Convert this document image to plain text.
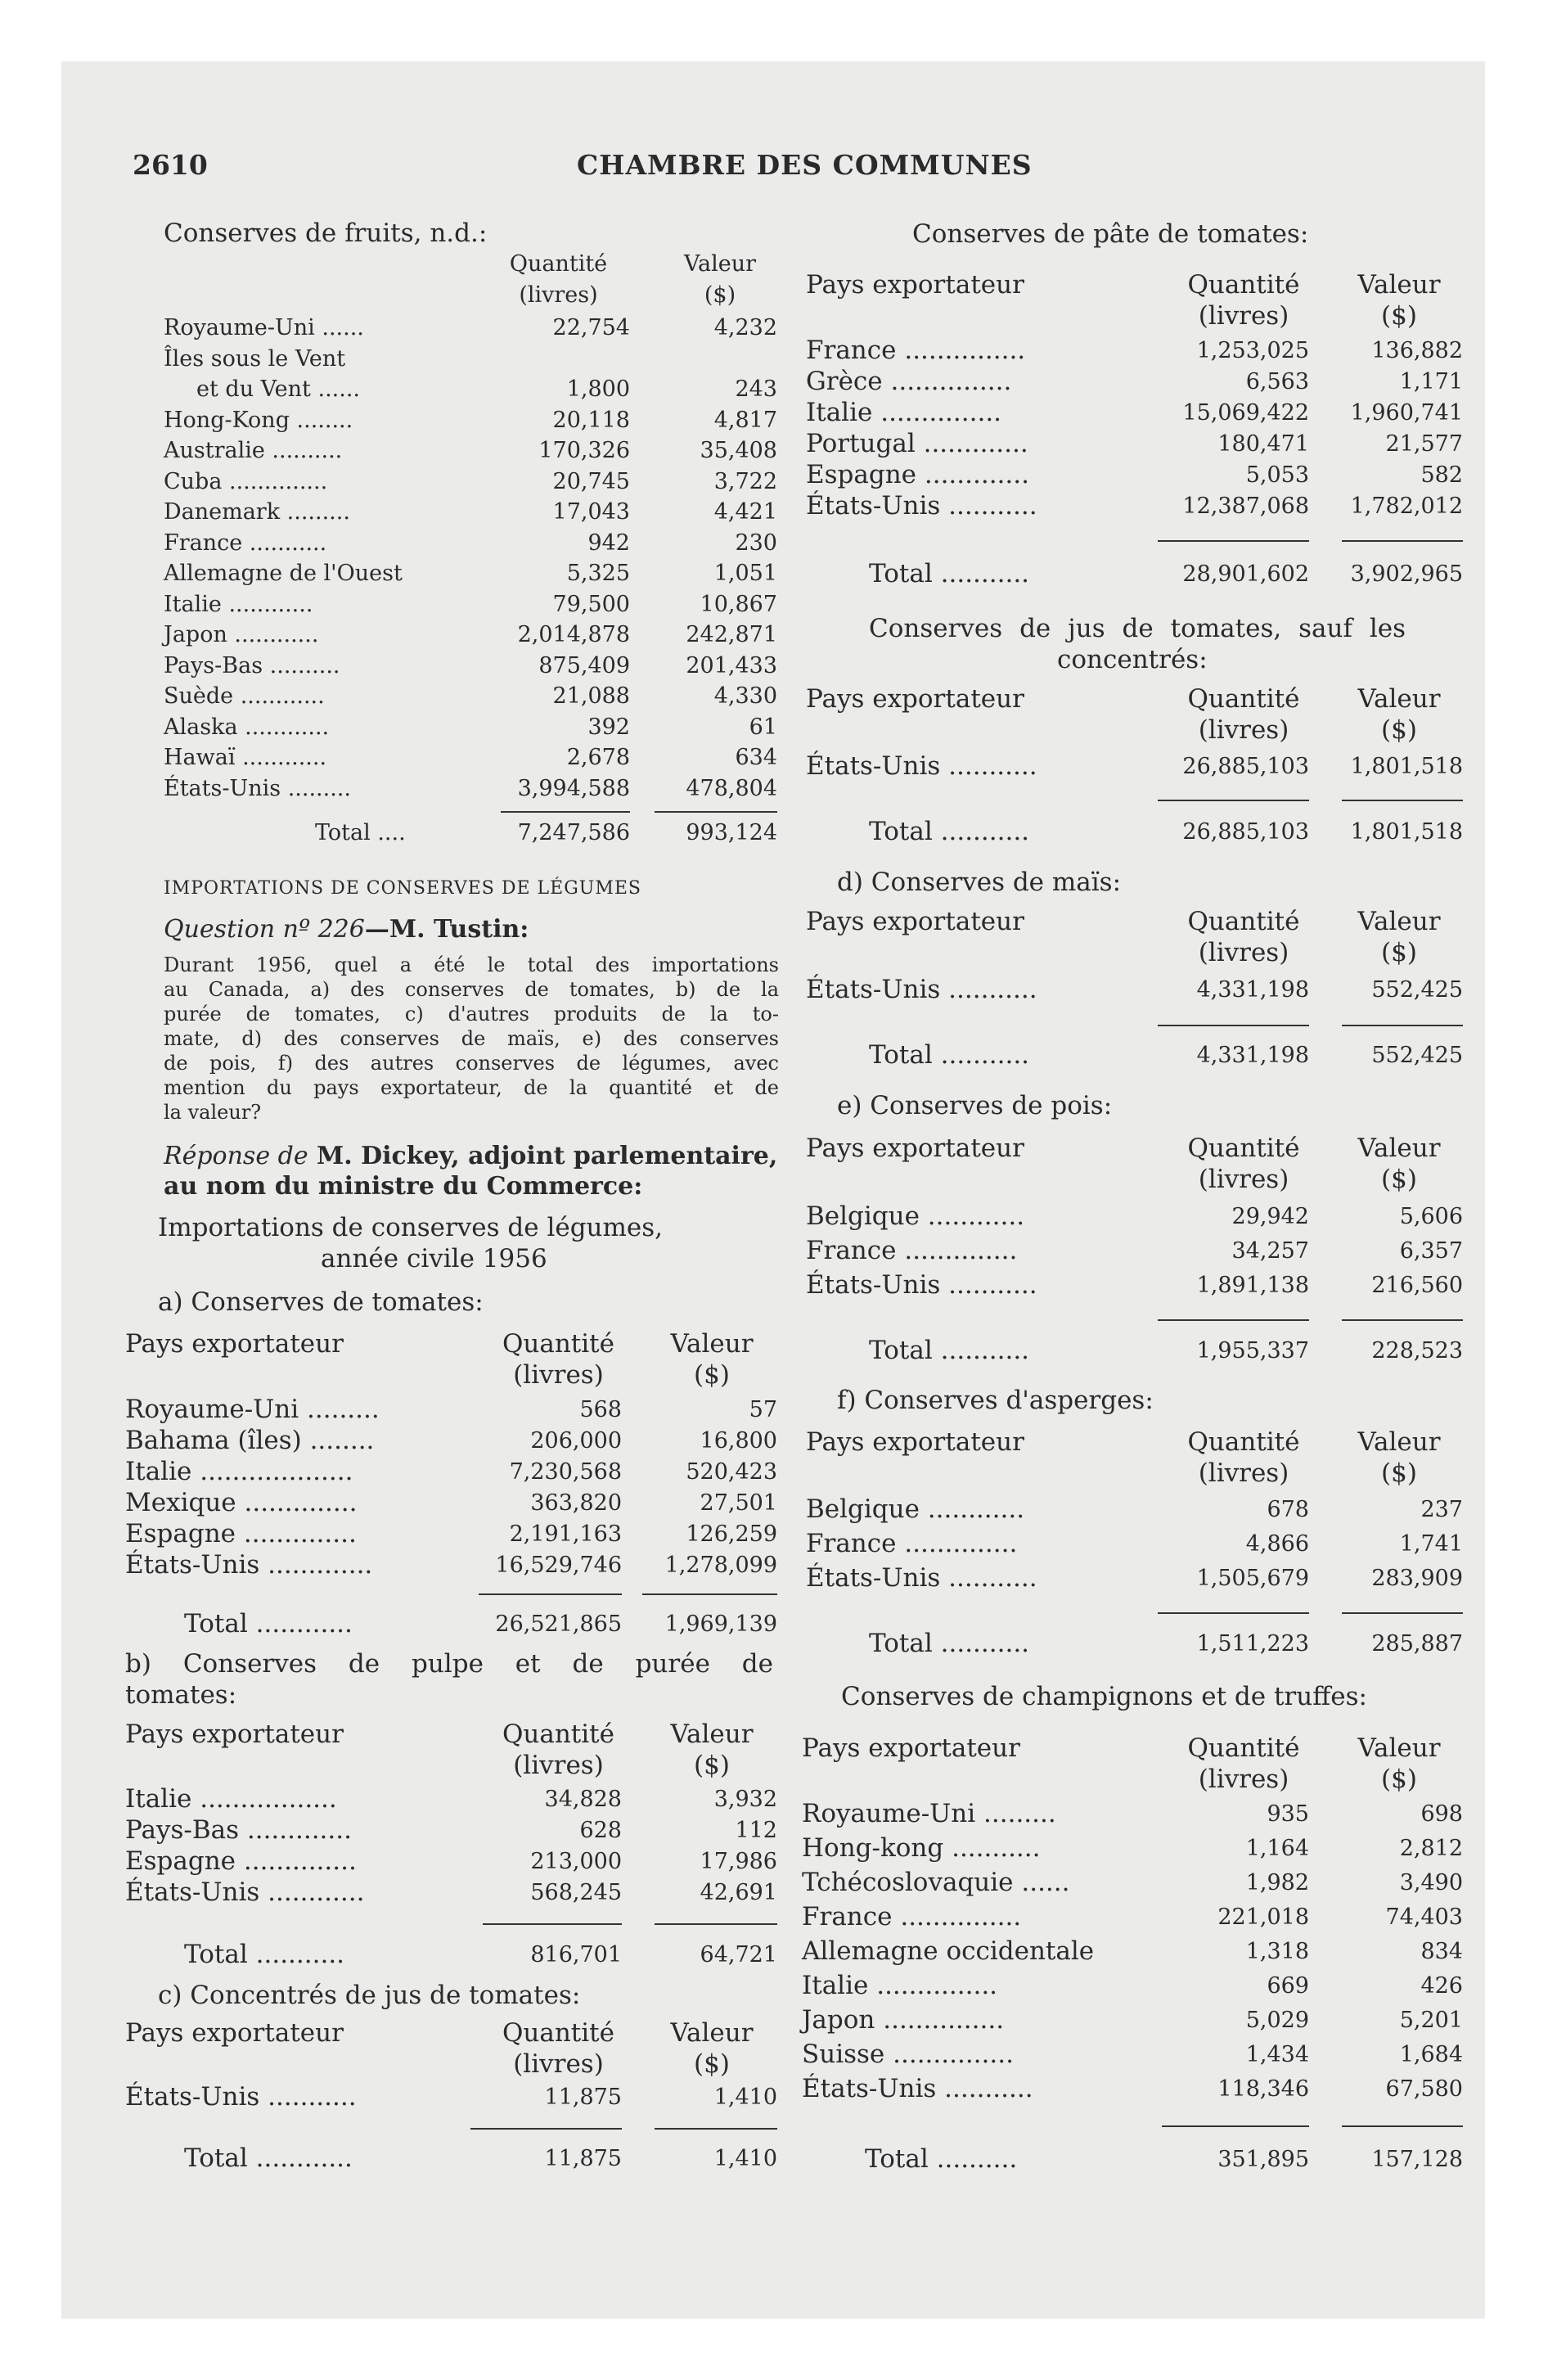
2610	CHAMBRE DES COMMUNES
Conserves de fruits, n.d.:
Quantité
(livres)
Valeur
($)
Royaume-Uni ......	22,754	4,232
Îles sous le Vent
et du Vent ......	1,800	243
Hong-Kong ........	20,118	4,817
Australie ..........	170,326	35,408
Cuba ..............	20,745	3,722
Danemark .........	17,043	4,421
France ...........	942	230
Allemagne de l'Ouest	5,325	1,051
Italie ............	79,500	10,867
Japon ............	2,014,878	242,871
Pays-Bas ..........	875,409	201,433
Suède ............	21,088	4,330
Alaska ............	392	61
Hawaï ............	2,678	634
États-Unis .........	3,994,588	478,804
Total ....	7,247,586	993,124
IMPORTATIONS DE CONSERVES DE LÉGUMES
Question nº 226—M. Tustin:
Durant 1956, quel a été le total des importations
au Canada, a) des conserves de tomates, b) de la
purée de tomates, c) d'autres produits de la to-
mate, d) des conserves de maïs, e) des conserves
de pois, f) des autres conserves de légumes, avec
mention du pays exportateur, de la quantité et de
la valeur?
Réponse de M. Dickey, adjoint parlementaire,
au nom du ministre du Commerce:
Importations de conserves de légumes,
année civile 1956
a) Conserves de tomates:
Pays exportateur	Quantité
(livres)
Valeur
($)
Royaume-Uni .........	568	57
Bahama (îles) ........	206,000	16,800
Italie ...................	7,230,568	520,423
Mexique ..............	363,820	27,501
Espagne ..............	2,191,163	126,259
États-Unis .............	16,529,746	1,278,099
Total ............	26,521,865	1,969,139
b) Conserves de pulpe et de purée de
tomates:
Pays exportateur	Quantité
(livres)
Valeur
($)
Italie .................	34,828	3,932
Pays-Bas .............	628	112
Espagne ..............	213,000	17,986
États-Unis ............	568,245	42,691
Total ...........	816,701	64,721
c) Concentrés de jus de tomates:
Pays exportateur	Quantité
(livres)
Valeur
($)
États-Unis ...........	11,875	1,410
Total ............	11,875	1,410
Conserves de pâte de tomates:
Pays exportateur	Quantité
(livres)
Valeur
($)
France ...............	1,253,025	136,882
Grèce ...............	6,563	1,171
Italie ...............	15,069,422	1,960,741
Portugal .............	180,471	21,577
Espagne .............	5,053	582
États-Unis ...........	12,387,068	1,782,012
Total ...........	28,901,602	3,902,965
Conserves de jus de tomates, sauf les
concentrés:
Pays exportateur	Quantité
(livres)
Valeur
($)
États-Unis ...........	26,885,103	1,801,518
Total ...........	26,885,103	1,801,518
d) Conserves de maïs:
Pays exportateur	Quantité
(livres)
Valeur
($)
États-Unis ...........	4,331,198	552,425
Total ...........	4,331,198	552,425
e) Conserves de pois:
Pays exportateur	Quantité
(livres)
Valeur
($)
Belgique ............	29,942	5,606
France ..............	34,257	6,357
États-Unis ...........	1,891,138	216,560
Total ...........	1,955,337	228,523
f) Conserves d'asperges:
Pays exportateur	Quantité
(livres)
Valeur
($)
Belgique ............	678	237
France ..............	4,866	1,741
États-Unis ...........	1,505,679	283,909
Total ...........	1,511,223	285,887
Conserves de champignons et de truffes:
Pays exportateur	Quantité
(livres)
Valeur
($)
Royaume-Uni .........	935	698
Hong-kong ...........	1,164	2,812
Tchécoslovaquie ......	1,982	3,490
France ...............	221,018	74,403
Allemagne occidentale	1,318	834
Italie ...............	669	426
Japon ...............	5,029	5,201
Suisse ...............	1,434	1,684
États-Unis ...........	118,346	67,580
Total ..........	351,895	157,128
